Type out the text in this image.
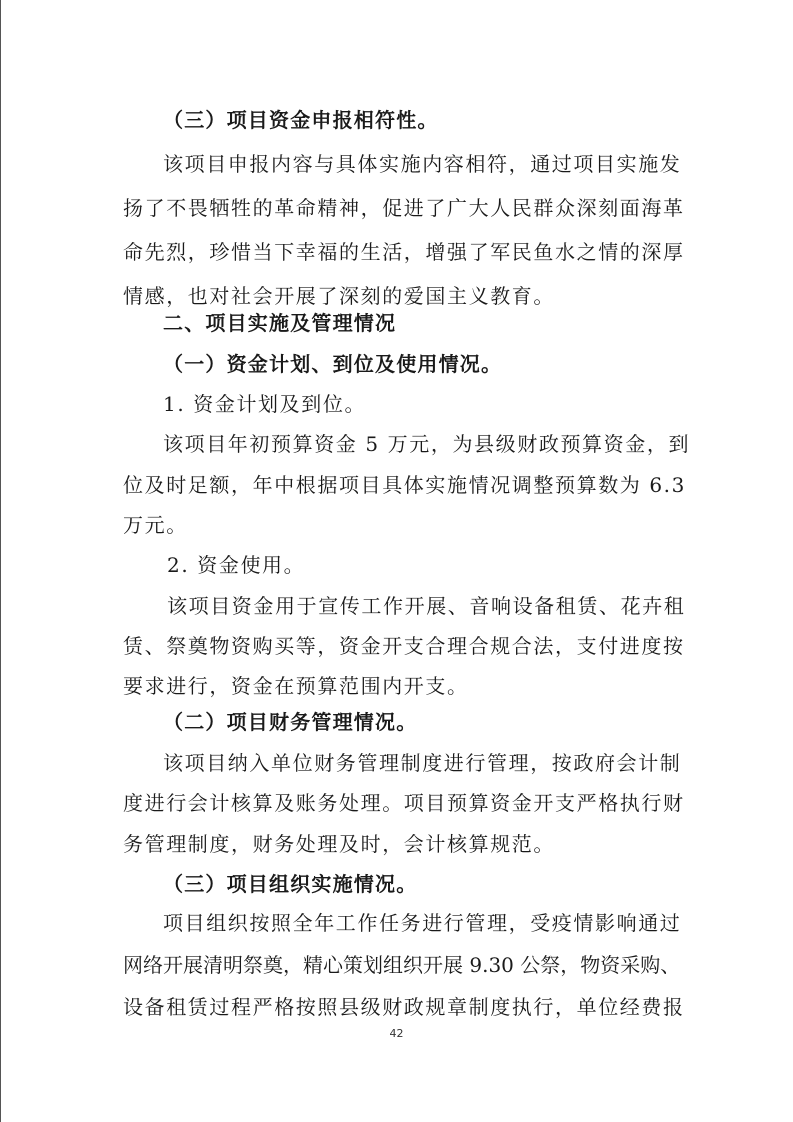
（三）项目资金申报相符性。
该项目申报内容与具体实施内容相符，通过项目实施发
扬了不畏牺牲的革命精神，促进了广大人民群众深刻面海革
命先烈，珍惜当下幸福的生活，增强了军民鱼水之情的深厚
情感，也对社会开展了深刻的爱国主义教育。
二、项目实施及管理情况
（一）资金计划、到位及使用情况。
1. 资金计划及到位。
该项目年初预算资金 5 万元，为县级财政预算资金，到
位及时足额，年中根据项目具体实施情况调整预算数为 6.3
万元。
2. 资金使用。
该项目资金用于宣传工作开展、音响设备租赁、花卉租
赁、祭奠物资购买等，资金开支合理合规合法，支付进度按
要求进行，资金在预算范围内开支。
（二）项目财务管理情况。
该项目纳入单位财务管理制度进行管理，按政府会计制
度进行会计核算及账务处理。项目预算资金开支严格执行财
务管理制度，财务处理及时，会计核算规范。
（三）项目组织实施情况。
项目组织按照全年工作任务进行管理，受疫情影响通过
网络开展清明祭奠，精心策划组织开展 9.30 公祭，物资采购、
设备租赁过程严格按照县级财政规章制度执行，单位经费报
42
